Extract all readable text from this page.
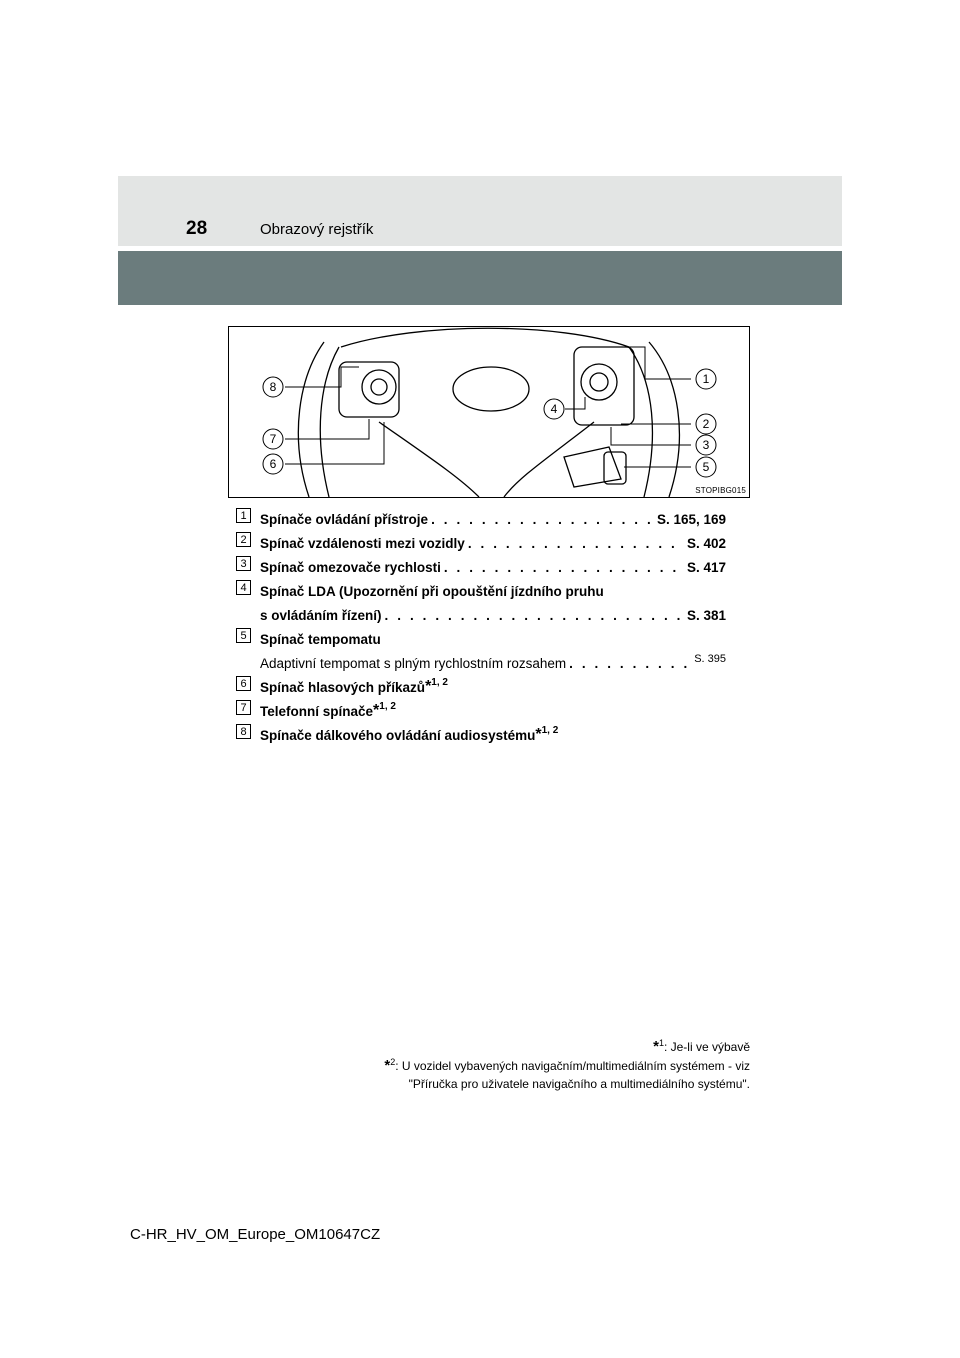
28	Obrazový rejstřík
1
2
3
4
5
6
7
8
STOPIBG015
1 Spínače ovládání přístroje . . .	S. 165, 169
2 Spínač vzdálenosti mezi vozidly . . .	S. 402
3 Spínač omezovače rychlosti . . .	S. 417
4 Spínač LDA (Upozornění při opouštění jízdního pruhu
s ovládáním řízení) . . .	S. 381
5 Spínač tempomatu
Adaptivní tempomat s plným rychlostním rozsahem . . .	S. 395
6 Spínač hlasových příkazů * 1, 2
7 Telefonní spínače * 1, 2
8 Spínače dálkového ovládání audiosystému * 1, 2
*$^1$: Je-li ve výbavě
*$^2$: U vozidel vybavených navigačním/multimediálním systémem - viz
"Příručka pro uživatele navigačního a multimediálního systému".
C-HR_HV_OM_Europe_OM10647CZ
